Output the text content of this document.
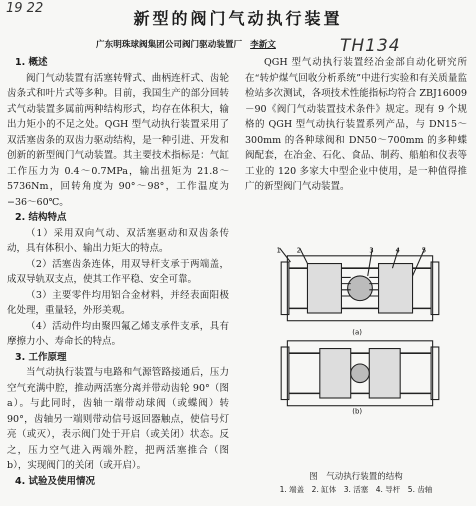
19 22
新型的阀门气动执行装置
TH134
广东明珠球阀集团公司阀门驱动装置厂 李新文
1. 概述

阀门气动装置有活塞转臂式、曲柄连杆式、齿轮齿条式和叶片式等多种。目前，我国生产的部分回转式气动装置多属前两种结构形式，均存在体积大，输出力矩小的不足之处。QGH 型气动执行装置采用了双活塞齿条的双齿力驱动结构，是一种引进、开发和创新的新型阀门气动装置。其主要技术指标是：气缸工作压力为 0.4～0.7MPa，输出扭矩为 21.8～5736Nm，回转角度为 90°～98°，工作温度为 −36～60℃。

2. 结构特点

（1）采用双向气动、双活塞驱动和双齿条传动，具有体积小、输出力矩大的特点。

（2）活塞齿条连体，用双导杆支承于两端盖，成双导轨双支点，使其工作平稳、安全可靠。

（3）主要零件均用铝合金材料，并经表面阳极化处理，重量轻，外形美观。

（4）活动件均由聚四氟乙烯支承件支承，具有摩擦力小、寿命长的特点。

3. 工作原理

当气动执行装置与电路和气源管路接通后，压力空气充满中腔，推动两活塞分离并带动齿轮 90°（图 a）。与此同时，齿轴一端带动球阀（或蝶阀）转 90°，齿轴另一端则带动信号返回器触点，使信号灯亮（或灭），表示阀门处于开启（或关闭）状态。反之，压力空气进入两端外腔，把两活塞推合（图 b），实现阀门的关闭（或开启）。

4. 试验及使用情况

QGH 型气动执行装置经冶金部自动化研究所在“转炉煤气回收分析系统”中进行实验和有关质量监检站多次测试，各项技术性能指标均符合 ZBJ16009－90《阀门气动装置技术条件》规定。现有 9 个规格的 QGH 型气动执行装置系列产品，与 DN15～300mm 的各种球阀和 DN50～700mm 的多种蝶阀配套，在冶金、石化、食品、制药、船舶和仪表等工业的 120 多家大中型企业中使用，是一种值得推广的新型阀门气动装置。

1 2	3 4 5
(a)
(b)
图　气动执行装置的结构
1. 端盖　2. 缸体　3. 活塞　4. 导杆　5. 齿轴
